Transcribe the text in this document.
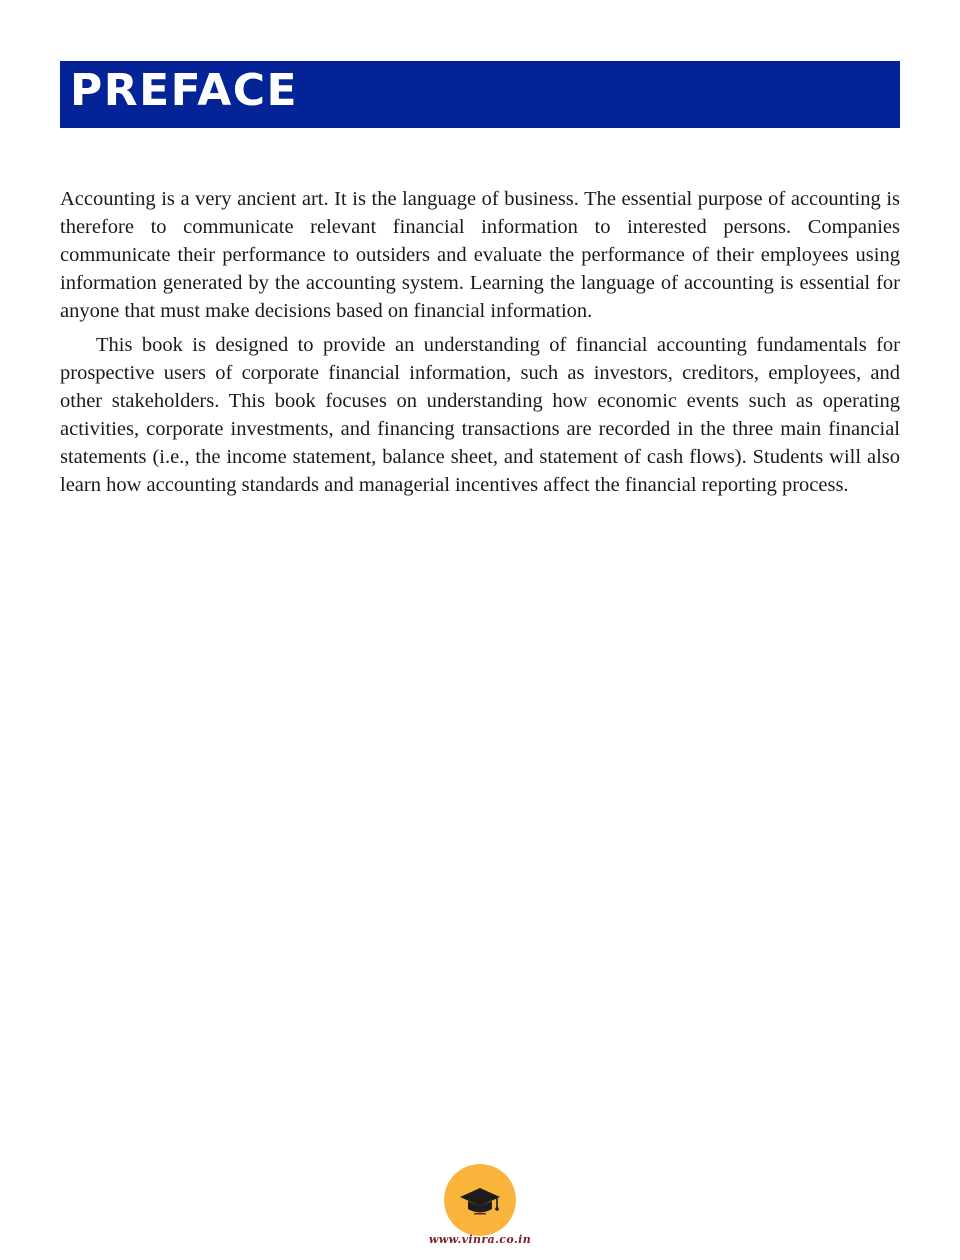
PREFACE

Accounting is a very ancient art. It is the language of business. The essential purpose of accounting is therefore to communicate relevant financial information to interested persons. Companies communicate their performance to outsiders and evaluate the performance of their employees using information generated by the accounting system. Learning the language of accounting is essential for anyone that must make decisions based on financial information.

This book is designed to provide an understanding of financial accounting fundamentals for prospective users of corporate financial information, such as investors, creditors, employees, and other stakeholders. This book focuses on understanding how economic events such as operating activities, corporate investments, and financing transactions are recorded in the three main financial statements (i.e., the income statement, balance sheet, and statement of cash flows). Students will also learn how accounting standards and managerial incentives affect the financial reporting process.

www.vinra.co.in
